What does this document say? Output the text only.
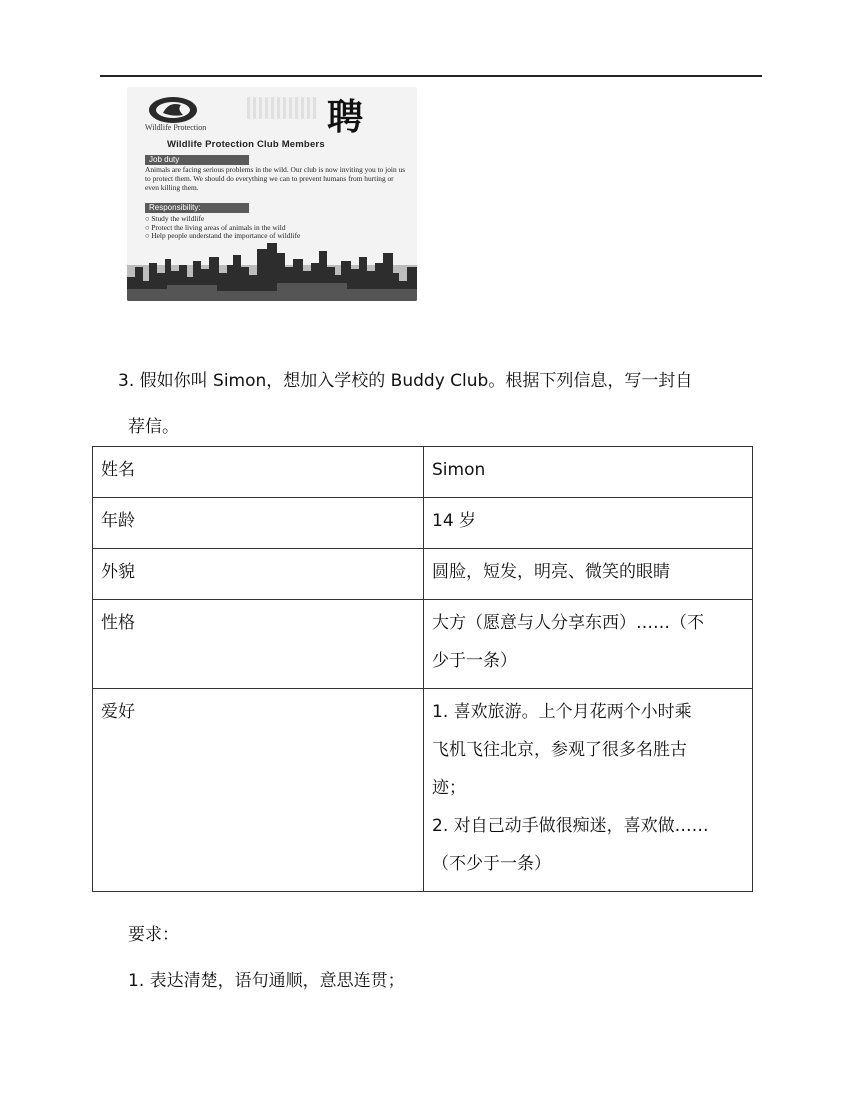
Wildlife Protection	聘
Wildlife Protection Club Members
Job duty
Animals are facing serious problems in the wild. Our club is now inviting you to join us to protect them. We should do everything we can to prevent humans from hurting or even killing them.
Responsibility:
○ Study the wildlife
○ Protect the living areas of animals in the wild
○ Help people understand the importance of wildlife
3. 假如你叫 Simon，想加入学校的 Buddy Club。根据下列信息，写一封自
荐信。
姓名	Simon

年龄	14 岁

外貌	圆脸，短发，明亮、微笑的眼睛

性格	大方（愿意与人分享东西）……（不
少于一条）

爱好	1. 喜欢旅游。上个月花两个小时乘
飞机飞往北京，参观了很多名胜古
迹；
2. 对自己动手做很痴迷，喜欢做……
（不少于一条）
要求：
1. 表达清楚，语句通顺，意思连贯；
